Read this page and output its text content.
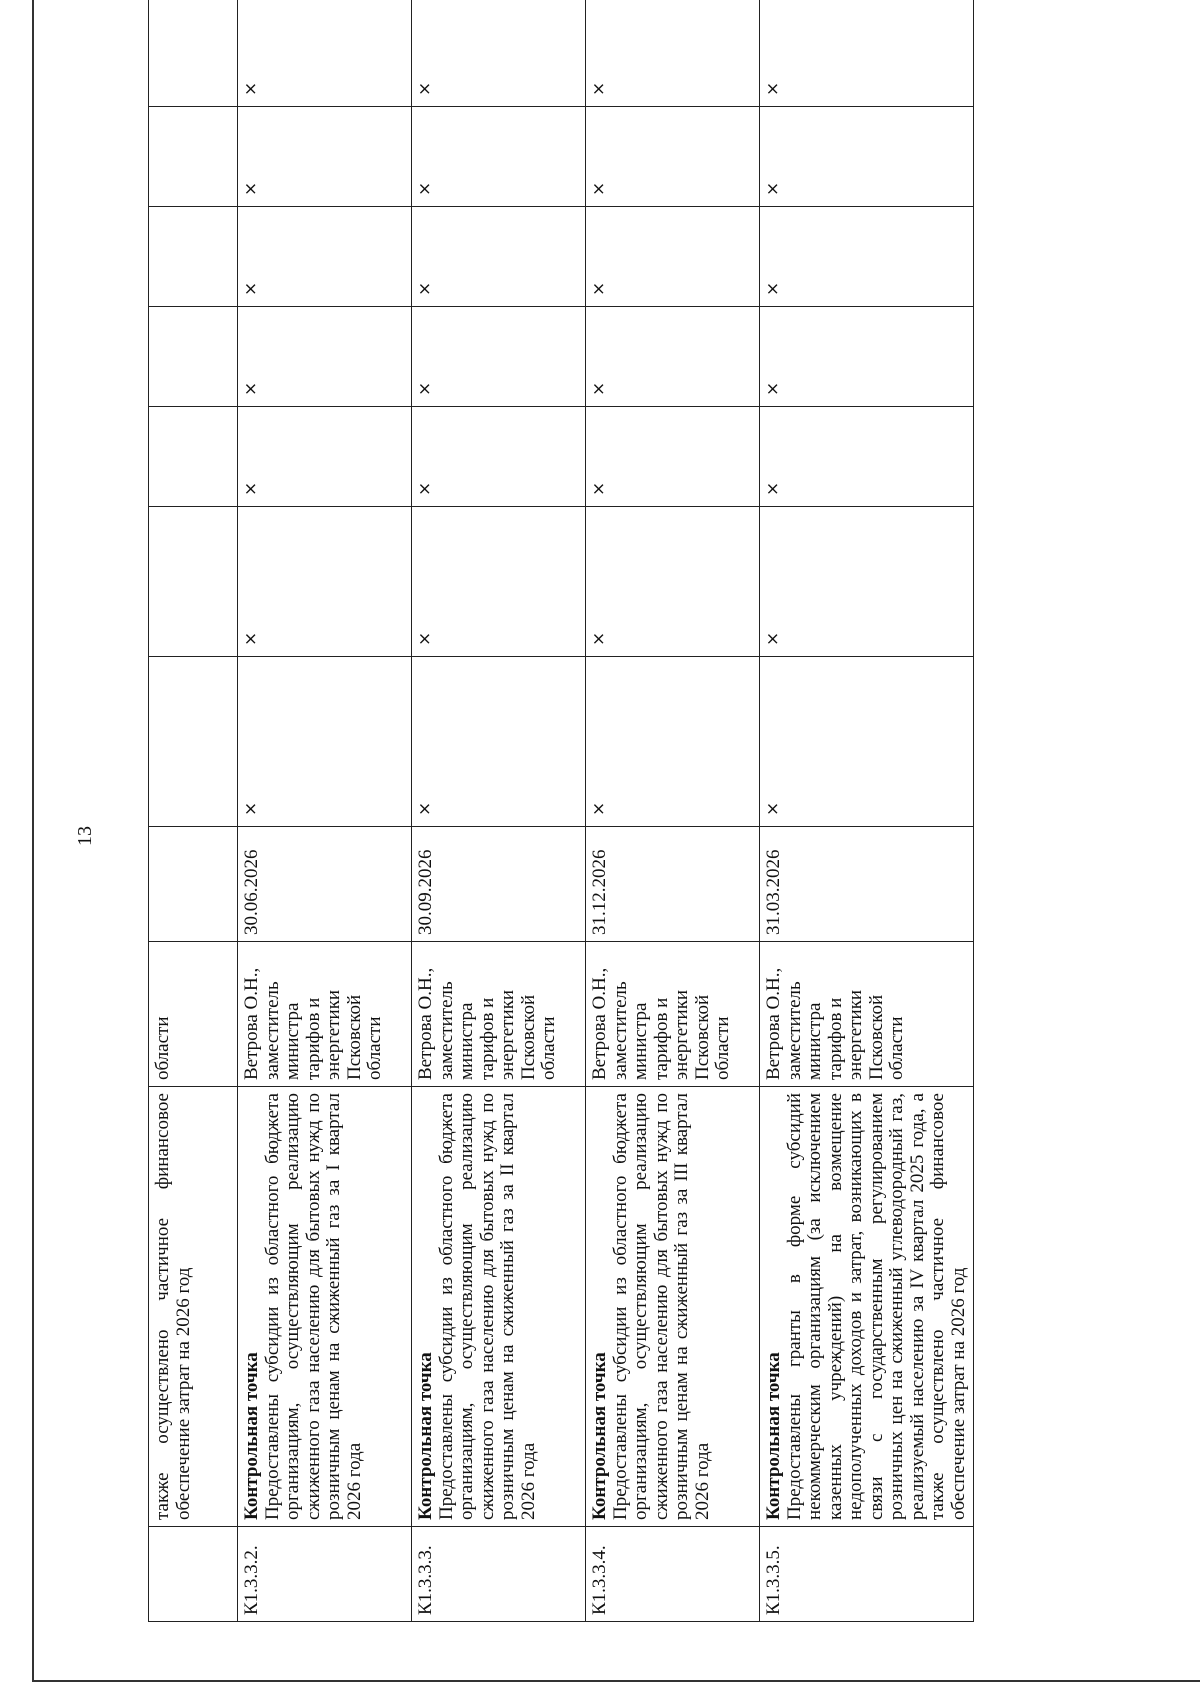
13
	также осуществлено частичное финансовое обеспечение затрат на 2026 год	области								
К1.3.3.2.	Контрольная точка Предоставлены субсидии из областного бюджета организациям, осуществляющим реализацию сжиженного газа населению для бытовых нужд по розничным ценам на сжиженный газ за I квартал 2026 года	Ветрова О.Н., заместитель министра тарифов и энергетики Псковской области	30.06.2026	×	×	×	×	×	×	×
К1.3.3.3.	Контрольная точка Предоставлены субсидии из областного бюджета организациям, осуществляющим реализацию сжиженного газа населению для бытовых нужд по розничным ценам на сжиженный газ за II квартал 2026 года	Ветрова О.Н., заместитель министра тарифов и энергетики Псковской области	30.09.2026	×	×	×	×	×	×	×
К1.3.3.4.	Контрольная точка Предоставлены субсидии из областного бюджета организациям, осуществляющим реализацию сжиженного газа населению для бытовых нужд по розничным ценам на сжиженный газ за III квартал 2026 года	Ветрова О.Н., заместитель министра тарифов и энергетики Псковской области	31.12.2026	×	×	×	×	×	×	×
К1.3.3.5.	Контрольная точка Предоставлены гранты в форме субсидий некоммерческим организациям (за исключением казенных учреждений) на возмещение недополученных доходов и затрат, возникающих в связи с государственным регулированием розничных цен на сжиженный углеводородный газ, реализуемый населению за IV квартал 2025 года, а также осуществлено частичное финансовое обеспечение затрат на 2026 год	Ветрова О.Н., заместитель министра тарифов и энергетики Псковской области	31.03.2026	×	×	×	×	×	×	×
